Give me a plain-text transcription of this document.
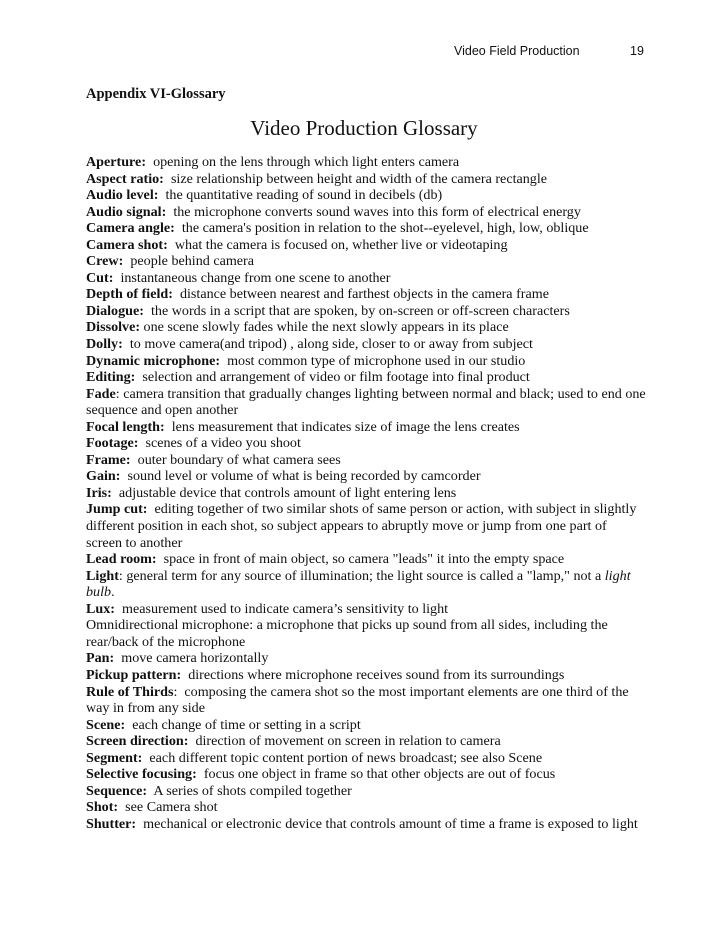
Video Field Production	19
Appendix VI-Glossary
Video Production Glossary

Aperture:  opening on the lens through which light enters camera

Aspect ratio:  size relationship between height and width of the camera rectangle

Audio level:  the quantitative reading of sound in decibels (db)

Audio signal:  the microphone converts sound waves into this form of electrical energy

Camera angle:  the camera's position in relation to the shot--eyelevel, high, low, oblique

Camera shot:  what the camera is focused on, whether live or videotaping

Crew:  people behind camera

Cut:  instantaneous change from one scene to another

Depth of field:  distance between nearest and farthest objects in the camera frame

Dialogue:  the words in a script that are spoken, by on-screen or off-screen characters

Dissolve: one scene slowly fades while the next slowly appears in its place

Dolly:  to move camera(and tripod) , along side, closer to or away from subject

Dynamic microphone:  most common type of microphone used in our studio

Editing:  selection and arrangement of video or film footage into final product

Fade: camera transition that gradually changes lighting between normal and black; used to end one sequence and open another

Focal length:  lens measurement that indicates size of image the lens creates

Footage:  scenes of a video you shoot

Frame:  outer boundary of what camera sees

Gain:  sound level or volume of what is being recorded by camcorder

Iris:  adjustable device that controls amount of light entering lens

Jump cut:  editing together of two similar shots of same person or action, with subject in slightly different position in each shot, so subject appears to abruptly move or jump from one part of screen to another

Lead room:  space in front of main object, so camera "leads" it into the empty space

Light: general term for any source of illumination; the light source is called a "lamp," not a light bulb.

Lux:  measurement used to indicate camera’s sensitivity to light

Omnidirectional microphone: a microphone that picks up sound from all sides, including the rear/back of the microphone

Pan:  move camera horizontally

Pickup pattern:  directions where microphone receives sound from its surroundings

Rule of Thirds:  composing the camera shot so the most important elements are one third of the way in from any side

Scene:  each change of time or setting in a script

Screen direction:  direction of movement on screen in relation to camera

Segment:  each different topic content portion of news broadcast; see also Scene

Selective focusing:  focus one object in frame so that other objects are out of focus

Sequence:  A series of shots compiled together

Shot:  see Camera shot

Shutter:  mechanical or electronic device that controls amount of time a frame is exposed to light
